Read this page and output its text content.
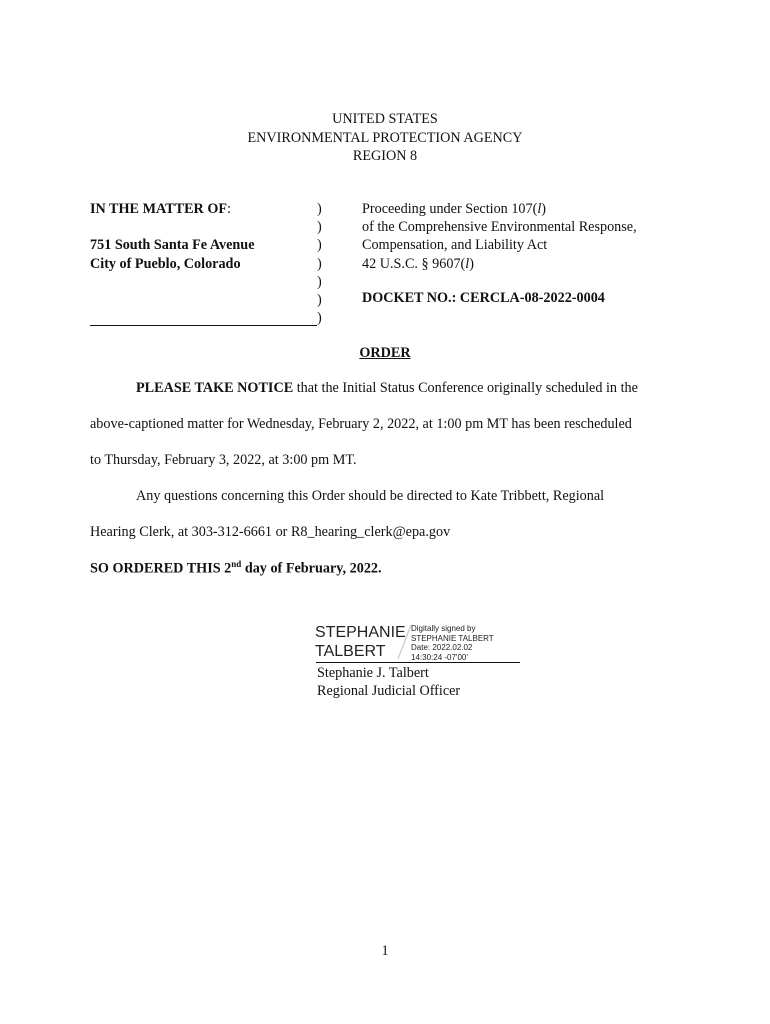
UNITED STATES
ENVIRONMENTAL PROTECTION AGENCY
REGION 8
IN THE MATTER OF:
751 South Santa Fe Avenue
City of Pueblo, Colorado
)
)
)
)
)
)
)
Proceeding under Section 107(l)
of the Comprehensive Environmental Response,
Compensation, and Liability Act
42 U.S.C. § 9607(l)
DOCKET NO.: CERCLA-08-2022-0004
ORDER
PLEASE TAKE NOTICE that the Initial Status Conference originally scheduled in the
above-captioned matter for Wednesday, February 2, 2022, at 1:00 pm MT has been rescheduled
to Thursday, February 3, 2022, at 3:00 pm MT.
Any questions concerning this Order should be directed to Kate Tribbett, Regional
Hearing Clerk, at 303-312-6661 or R8_hearing_clerk@epa.gov
SO ORDERED THIS 2nd day of February, 2022.
STEPHANIE
TALBERT
Digitally signed by
STEPHANIE TALBERT
Date: 2022.02.02
14:30:24 -07'00'
Stephanie J. Talbert
Regional Judicial Officer
1
